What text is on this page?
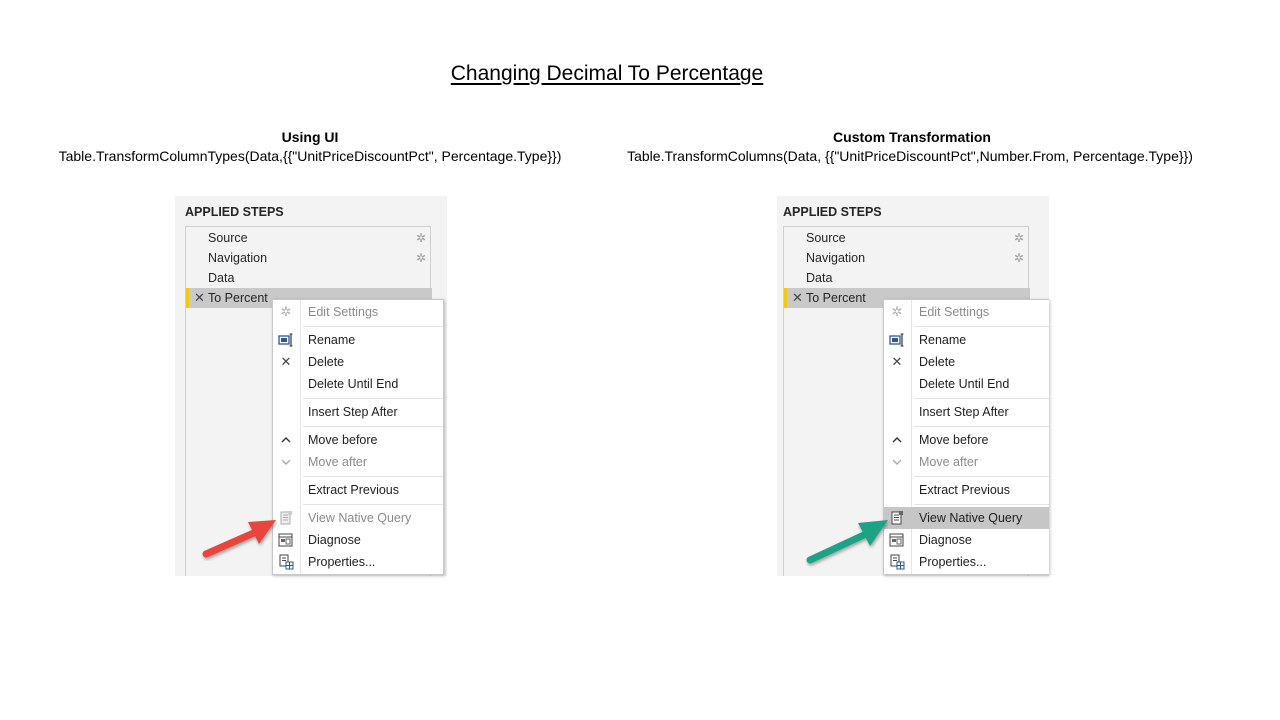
Changing Decimal To Percentage
Using UI
Table.TransformColumnTypes(Data,{{"UnitPriceDiscountPct", Percentage.Type}})
APPLIED STEPS
Source	✲
Navigation	✲
Data
✕ To Percent
✲ Edit Settings
Rename
✕ Delete
Delete Until End
Insert Step After
Move before
Move after
Extract Previous
View Native Query
Diagnose
Properties...
Custom Transformation
Table.TransformColumns(Data, {{"UnitPriceDiscountPct",Number.From, Percentage.Type}})
APPLIED STEPS
Source	✲
Navigation	✲
Data
✕ To Percent
✲ Edit Settings
Rename
✕ Delete
Delete Until End
Insert Step After
Move before
Move after
Extract Previous
View Native Query
Diagnose
Properties...
